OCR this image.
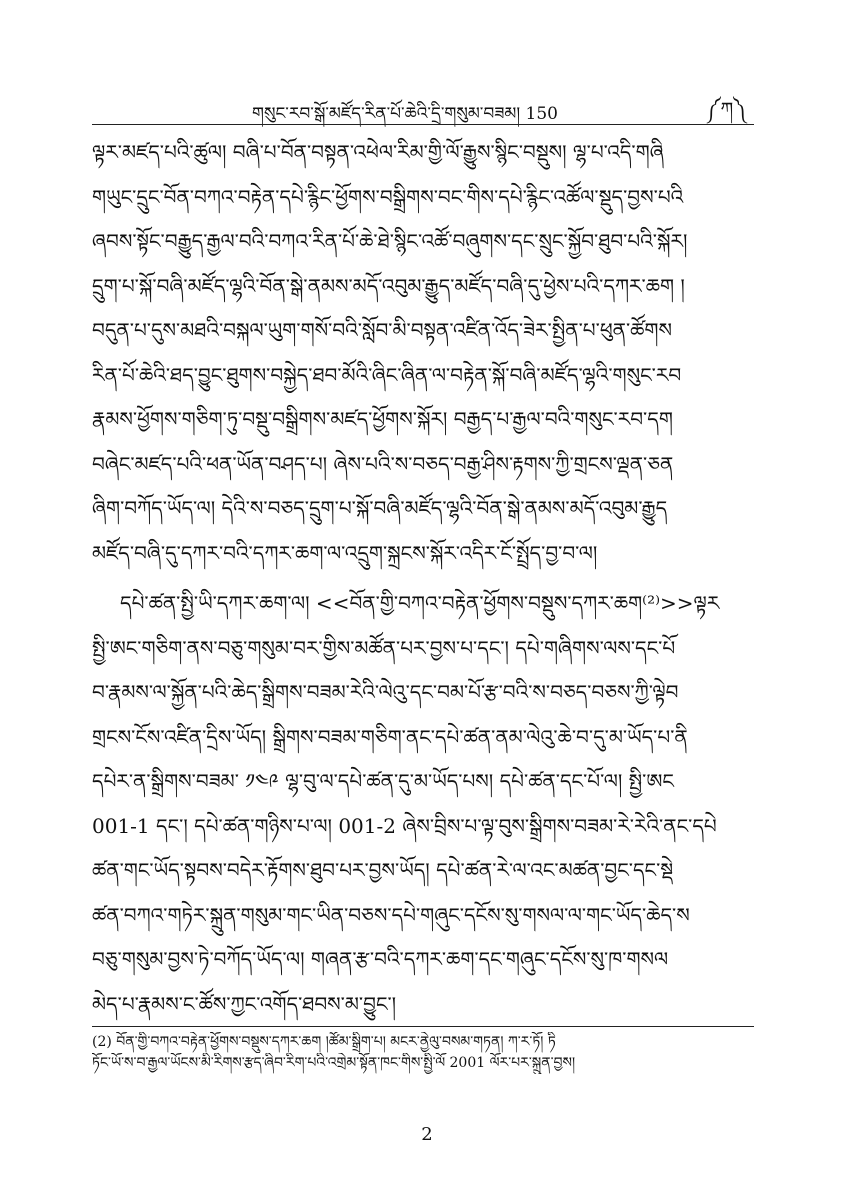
གསུང་རབ་སྒོ་མཛོད་རིན་པོ་ཆེའི་དྲི་གསུམ་བཟམ། 150	༼ཀ༽
ལྟར་མཛད་པའི་ཚུལ། བཞི་པ་བོན་བསྟན་འཕེལ་རིམ་གྱི་ལོ་རྒྱུས་སྙིང་བསྡུས། ལྷ་པ་འདི་གཞི
གཡུང་དྲུང་བོན་བཀའ་བརྟེན་དཔེ་རྙིང་ཕྱོགས་བསྒྲིགས་བང་གིས་དཔེ་རྙིང་འཚོལ་སྡུད་བྱས་པའི
ཞབས་སྟོང་བརྒྱུད་རྒྱལ་བའི་བཀའ་རིན་པོ་ཆེ་ཐེ་སྙིང་འཚོ་བཞུགས་དང་སྲུང་སྐྱོབ་ཐུབ་པའི་སྐོར།
དྲུག་པ་སྐོ་བཞི་མཛོད་ལྷའི་བོན་སྒེ་ནམས་མདོ་འབུམ་རྒྱུད་མཛོད་བཞི་དུ་ཕྱེས་པའི་དཀར་ཆག །
བདུན་པ་དུས་མཐའི་བསྐལ་ཡུག་གསོ་བའི་སློབ་མི་བསྟན་འཛིན་འོད་ཟེར་སྤྱིན་པ་ཕུན་ཚོགས
རིན་པོ་ཆེའི་ཐད་བྱུང་ཐུགས་བསྐྱེད་ཐབ་མོའི་ཞིང་ཞིན་ལ་བརྟེན་སྐོ་བཞི་མཛོད་ལྷའི་གསུང་རབ
རྣམས་ཕྱོགས་གཅིག་ཏུ་བསྡུ་བསྒྲིགས་མཛད་ཕྱོགས་སྐོར། བརྒྱད་པ་རྒྱལ་བའི་གསུང་རབ་དག
བཞེང་མཛད་པའི་ཕན་ཡོན་བཤད་པ། ཞེས་པའི་ས་བཅད་བརྒྱ་ཤིས་རྟགས་ཀྱི་གྲངས་ལྡན་ཅན
ཞིག་བཀོད་ཡོད་ལ། དེའི་ས་བཅད་དྲུག་པ་སྐོ་བཞི་མཛོད་ལྷའི་བོན་སྒེ་ནམས་མདོ་འབུམ་རྒྱུད
མཛོད་བཞི་དུ་དཀར་བའི་དཀར་ཆག་ལ་འདྲུག་སྐྲངས་སྐོར་འདིར་ངོ་སྤྲོད་བྱ་བ་ལ།
དཔེ་ཚན་སྤྱི་ཡི་དཀར་ཆག་ལ། <<བོན་གྱི་བཀའ་བརྟེན་ཕྱོགས་བསྡུས་དཀར་ཆག⁽²⁾>>ལྟར
སྤྱི་ཨང་གཅིག་ནས་བཅུ་གསུམ་བར་གྱིས་མཚོན་པར་བྱས་པ་དང་། དཔེ་གཞིགས་ལས་དང་པོ
བ་རྣམས་ལ་སྐྱོན་པའི་ཆེད་སྒྲིགས་བཟམ་རེའི་ལེའུ་དང་བམ་པོ་རྩ་བའི་ས་བཅད་བཅས་ཀྱི་ལྟེབ
གྲངས་ངོས་འཛིན་དྲིས་ཡོད། སྒྲིགས་བཟམ་གཅིག་ནང་དཔེ་ཚན་ནམ་ལེའུ་ཆེ་བ་དུ་མ་ཡོད་པ་ནི
དཔེར་ན་སྒྲིགས་བཟམ་ ༡༤༩ ལྷ་བུ་ལ་དཔེ་ཚན་དུ་མ་ཡོད་པས། དཔེ་ཚན་དང་པོ་ལ། སྤྱི་ཨང
001-1 དང་། དཔེ་ཚན་གཉིས་པ་ལ། 001-2 ཞེས་བྲིས་པ་ལྟ་བུས་སྒྲིགས་བཟམ་རེ་རེའི་ནང་དཔེ
ཚན་གང་ཡོད་སྟབས་བདེར་རྟོགས་ཐུབ་པར་བྱས་ཡོད། དཔེ་ཚན་རེ་ལ་འང་མཚན་བྱང་དང་སྡེ
ཚན་བཀའ་གཏེར་སྐྲུན་གསུམ་གང་ཡིན་བཅས་དཔེ་གཞུང་དངོས་སུ་གསལ་ལ་གང་ཡོད་ཆེད་ས
བཅུ་གསུམ་བྱས་ཏེ་བཀོད་ཡོད་ལ། གཞན་རྩ་བའི་དཀར་ཆག་དང་གཞུང་དངོས་སུ་ཁ་གསལ
མེད་པ་རྣམས་ང་ཚོས་ཀྱང་འགོད་ཐབས་མ་བྱུང་།
(2) བོན་གྱི་བཀའ་བརྟེན་ཕྱོགས་བསྡུས་དཀར་ཆག །ཚོམ་སྒྲིག་པ། མངར་ནྱེལུ་བསམ་གཏན། ཀ་ར་ཏོ། ཏི
ཏོང་ཡོ་ས་བ་རྒྱལ་ཡོངས་མི་རིགས་རྩད་ཞིབ་རིག་པའི་འགྲེམ་སྟོན་ཁང་གིས་སྤྱི་ལོ 2001 ལོར་པར་སྐྲུན་བྱས།
2
